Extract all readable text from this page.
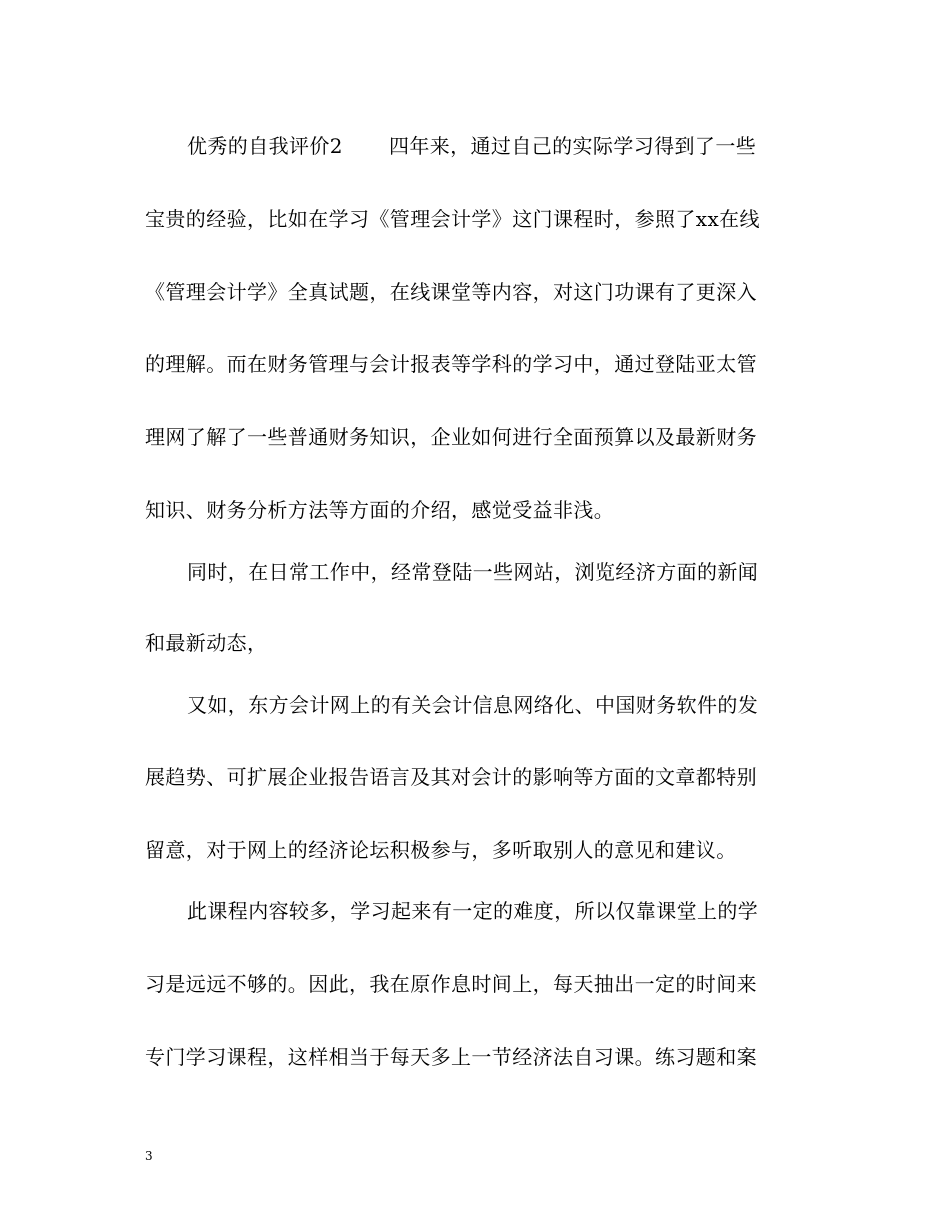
优秀的自我评价2 四年来，通过自己的实际学习得到了一些
宝贵的经验，比如在学习《管理会计学》这门课程时，参照了xx在线
《管理会计学》全真试题，在线课堂等内容，对这门功课有了更深入
的理解。而在财务管理与会计报表等学科的学习中，通过登陆亚太管
理网了解了一些普通财务知识，企业如何进行全面预算以及最新财务
知识、财务分析方法等方面的介绍，感觉受益非浅。
同时，在日常工作中，经常登陆一些网站，浏览经济方面的新闻
和最新动态，
又如，东方会计网上的有关会计信息网络化、中国财务软件的发
展趋势、可扩展企业报告语言及其对会计的影响等方面的文章都特别
留意，对于网上的经济论坛积极参与，多听取别人的意见和建议。
此课程内容较多，学习起来有一定的难度，所以仅靠课堂上的学
习是远远不够的。因此，我在原作息时间上，每天抽出一定的时间来
专门学习课程，这样相当于每天多上一节经济法自习课。练习题和案
3
